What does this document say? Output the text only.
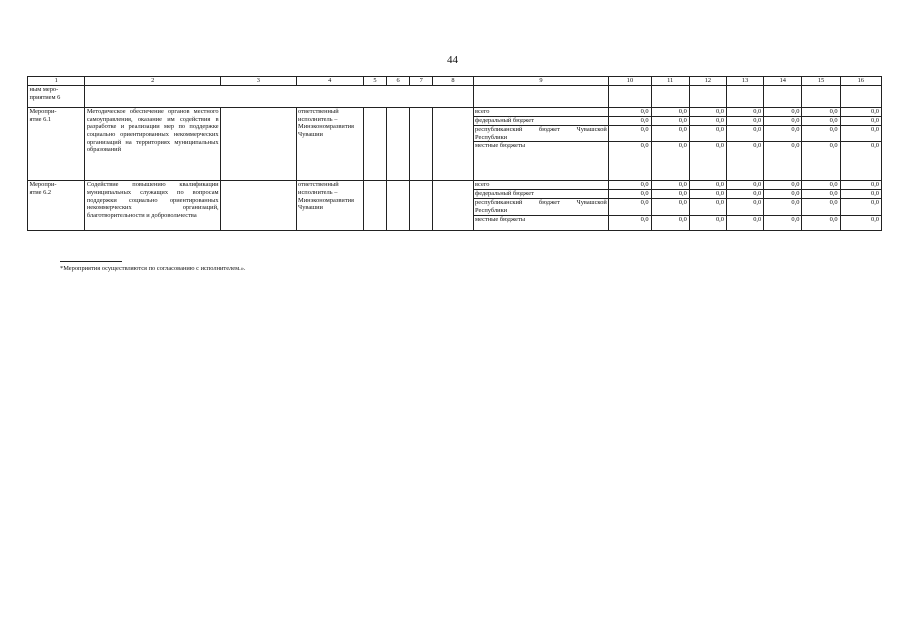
44
1	2	3	4	5	6	7	8	9	10	11	12	13	14	15	16
ным меро-
приятием 6															
Меропри-
ятие 6.1	Методическое обеспечение органов местного самоуправления, оказание им содействия в разработке и реализации мер по поддержке социально ориентированных некоммерческих организаций на территориях муниципальных образований		ответственный исполнитель – Минэкономразвития Чувашии					всего	0,0	0,0	0,0	0,0	0,0	0,0	0,0
								федеральный бюджет	0,0	0,0	0,0	0,0	0,0	0,0	0,0
								республиканский бюджет Чувашской Республики	0,0	0,0	0,0	0,0	0,0	0,0	0,0
								местные бюджеты	0,0	0,0	0,0	0,0	0,0	0,0	0,0
Меропри-
ятие 6.2	Содействие повышению квалификации муниципальных служащих по вопросам поддержки социально ориентированных некоммерческих организаций, благотворительности и добровольчества		ответственный исполнитель – Минэкономразвития Чувашии					всего	0,0	0,0	0,0	0,0	0,0	0,0	0,0
								федеральный бюджет	0,0	0,0	0,0	0,0	0,0	0,0	0,0
								республиканский бюджет Чувашской Республики	0,0	0,0	0,0	0,0	0,0	0,0	0,0
								местные бюджеты	0,0	0,0	0,0	0,0	0,0	0,0	0,0
*Мероприятия осуществляются по согласованию с исполнителем.».
